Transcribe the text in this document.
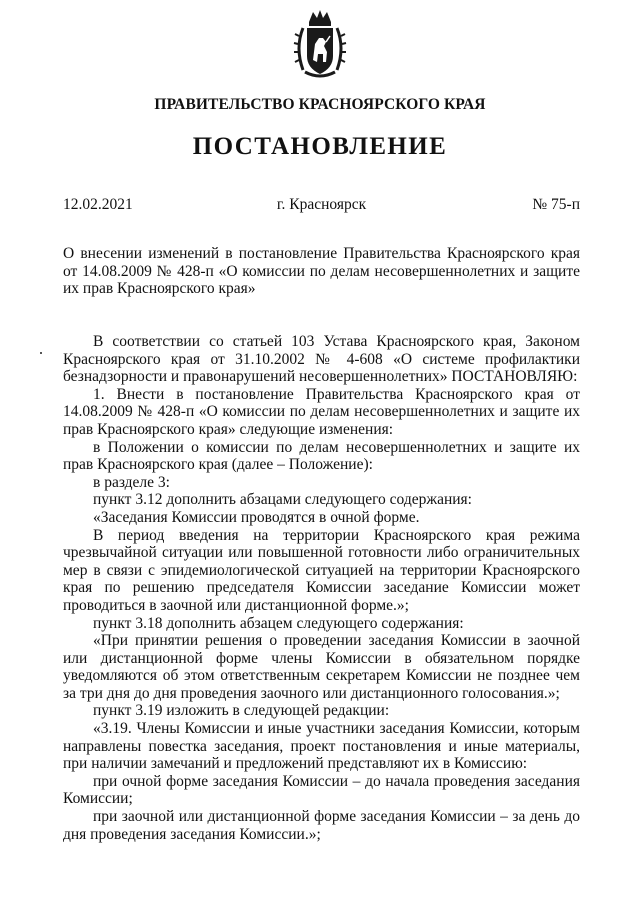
ПРАВИТЕЛЬСТВО КРАСНОЯРСКОГО КРАЯ
ПОСТАНОВЛЕНИЕ
г. Красноярск
12.02.2021	№ 75-п
О внесении изменений в постановление Правительства Красноярского края от 14.08.2009 № 428-п «О комиссии по делам несовершеннолетних и защите их прав Красноярского края»

В соответствии со статьей 103 Устава Красноярского края, Законом Красноярского края от 31.10.2002 № 4-608 «О системе профилактики безнадзорности и правонарушений несовершеннолетних» ПОСТАНОВЛЯЮ:

1. Внести в постановление Правительства Красноярского края от 14.08.2009 № 428-п «О комиссии по делам несовершеннолетних и защите их прав Красноярского края» следующие изменения:

в Положении о комиссии по делам несовершеннолетних и защите их прав Красноярского края (далее – Положение):

в разделе 3:

пункт 3.12 дополнить абзацами следующего содержания:

«Заседания Комиссии проводятся в очной форме.

В период введения на территории Красноярского края режима чрезвычайной ситуации или повышенной готовности либо ограничительных мер в связи с эпидемиологической ситуацией на территории Красноярского края по решению председателя Комиссии заседание Комиссии может проводиться в заочной или дистанционной форме.»;

пункт 3.18 дополнить абзацем следующего содержания:

«При принятии решения о проведении заседания Комиссии в заочной или дистанционной форме члены Комиссии в обязательном порядке уведомляются об этом ответственным секретарем Комиссии не позднее чем за три дня до дня проведения заочного или дистанционного голосования.»;

пункт 3.19 изложить в следующей редакции:

«3.19. Члены Комиссии и иные участники заседания Комиссии, которым направлены повестка заседания, проект постановления и иные материалы, при наличии замечаний и предложений представляют их в Комиссию:

при очной форме заседания Комиссии – до начала проведения заседания Комиссии;

при заочной или дистанционной форме заседания Комиссии – за день до дня проведения заседания Комиссии.»;
